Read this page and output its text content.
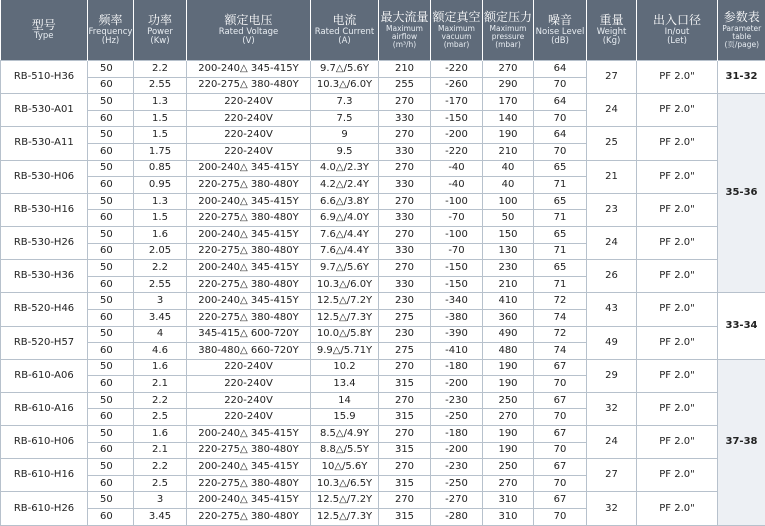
型号
Type	频率
Frequency
(Hz)	功率
Power
(Kw)	额定电压
Rated Voltage
(V)	电流
Rated Current
(A)	最大流量
Maximum
airflow
(m³/h)	额定真空
Maximum
vacuum
(mbar)	额定压力
Maximum
pressure
(mbar)	噪音
Noise Level
(dB)	重量
Weight
(Kg)	出入口径
In/out
(Let)	参数表
Parameter
table
(页/page)

RB-510-H36	50	2.2	200-240△ 345-415Y	9.7△/5.6Y	210	-220	270	64	27	PF 2.0"	31-32
	60	2.55	220-275△ 380-480Y	10.3△/6.0Y	255	-260	290	70			
RB-530-A01	50	1.3	220-240V	7.3	270	-170	170	64	24	PF 2.0"	35-36
	60	1.5	220-240V	7.5	330	-150	140	70			
RB-530-A11	50	1.5	220-240V	9	270	-200	190	64	25	PF 2.0"	
	60	1.75	220-240V	9.5	330	-220	210	70			
RB-530-H06	50	0.85	200-240△ 345-415Y	4.0△/2.3Y	270	-40	40	65	21	PF 2.0"	
	60	0.95	220-275△ 380-480Y	4.2△/2.4Y	330	-40	40	71			
RB-530-H16	50	1.3	200-240△ 345-415Y	6.6△/3.8Y	270	-100	100	65	23	PF 2.0"	
	60	1.5	220-275△ 380-480Y	6.9△/4.0Y	330	-70	50	71			
RB-530-H26	50	1.6	200-240△ 345-415Y	7.6△/4.4Y	270	-100	150	65	24	PF 2.0"	
	60	2.05	220-275△ 380-480Y	7.6△/4.4Y	330	-70	130	71			
RB-530-H36	50	2.2	200-240△ 345-415Y	9.7△/5.6Y	270	-150	230	65	26	PF 2.0"	
	60	2.55	220-275△ 380-480Y	10.3△/6.0Y	330	-150	210	71			
RB-520-H46	50	3	200-240△ 345-415Y	12.5△/7.2Y	230	-340	410	72	43	PF 2.0"	33-34
	60	3.45	220-275△ 380-480Y	12.5△/7.3Y	275	-380	360	74			
RB-520-H57	50	4	345-415△ 600-720Y	10.0△/5.8Y	230	-390	490	72	49	PF 2.0"	
	60	4.6	380-480△ 660-720Y	9.9△/5.71Y	275	-410	480	74			
RB-610-A06	50	1.6	220-240V	10.2	270	-180	190	67	29	PF 2.0"	37-38
	60	2.1	220-240V	13.4	315	-200	190	70			
RB-610-A16	50	2.2	220-240V	14	270	-230	250	67	32	PF 2.0"	
	60	2.5	220-240V	15.9	315	-250	270	70			
RB-610-H06	50	1.6	200-240△ 345-415Y	8.5△/4.9Y	270	-180	190	67	24	PF 2.0"	
	60	2.1	220-275△ 380-480Y	8.8△/5.5Y	315	-200	190	70			
RB-610-H16	50	2.2	200-240△ 345-415Y	10△/5.6Y	270	-230	250	67	27	PF 2.0"	
	60	2.5	220-275△ 380-480Y	10.3△/6.5Y	315	-250	270	70			
RB-610-H26	50	3	200-240△ 345-415Y	12.5△/7.2Y	270	-270	310	67	32	PF 2.0"	
	60	3.45	220-275△ 380-480Y	12.5△/7.3Y	315	-280	310	70			
